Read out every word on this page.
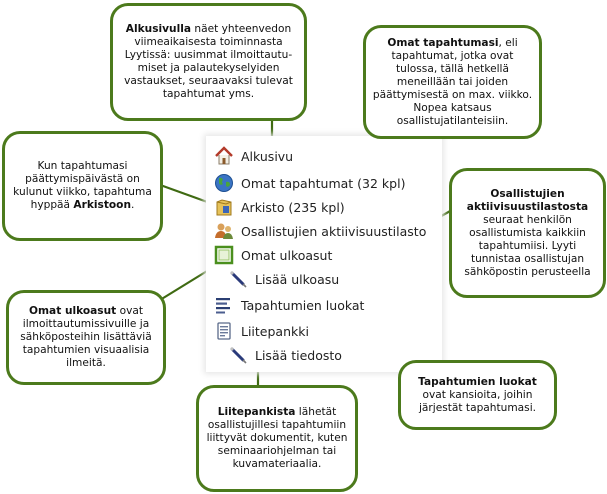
Alkusivu
Omat tapahtumat (32 kpl)
Arkisto (235 kpl)
Osallistujien aktiivisuustilasto
Omat ulkoasut
Lisää ulkoasu
Tapahtumien luokat
Liitepankki
Lisää tiedosto
Alkusivulla näet yhteenvedon viimeaikaisesta toiminnasta Lyytissä: uusimmat ilmoittautumiset ja palautekyselyiden vastaukset, seuraavaksi tulevat tapahtumat yms.
Omat tapahtumasi, eli tapahtumat, jotka ovat tulossa, tällä hetkellä meneillään tai joiden päättymisestä on max. viikko. Nopea katsaus osallistujatilanteisiin.
Kun tapahtumasi päättymispäivästä on kulunut viikko, tapahtuma hyppää Arkistoon.
Osallistujien aktiivisuustilastosta seuraat henkilön osallistumista kaikkiin tapahtumiisi. Lyyti tunnistaa osallistujan sähköpostin perusteella
Omat ulkoasut ovat ilmoittautumissivuille ja sähköposteihin lisättäviä tapahtumien visuaalisia ilmeitä.
Tapahtumien luokat ovat kansioita, joihin järjestät tapahtumasi.
Liitepankista lähetät osallistujillesi tapahtumiin liittyvät dokumentit, kuten seminaariohjelman tai kuvamateriaalia.
